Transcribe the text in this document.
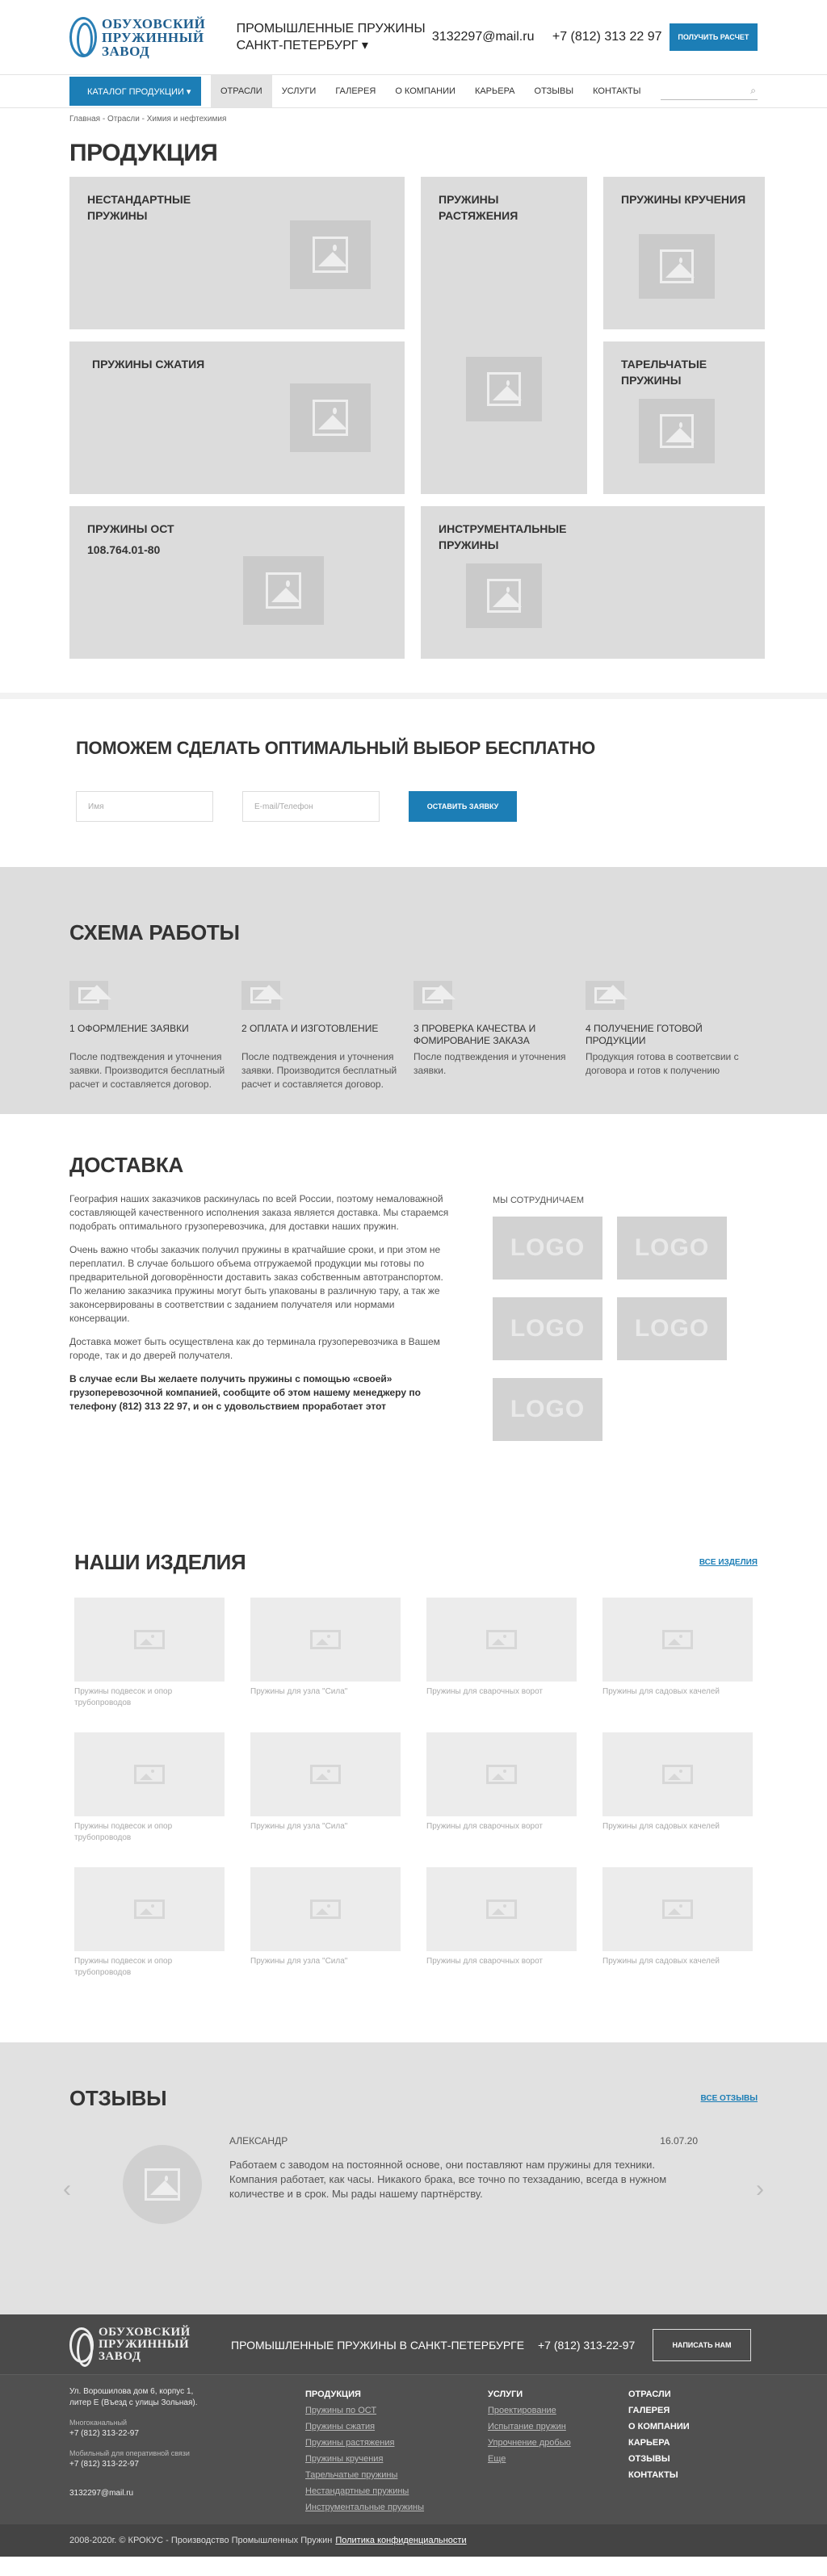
ОБУХОВСКИЙ
ПРУЖИННЫЙ
ЗАВОД
ПРОМЫШЛЕННЫЕ ПРУЖИНЫ
САНКТ-ПЕТЕРБУРГ ▾
3132297@mail.ru	+7 (812) 313 22 97	ПОЛУЧИТЬ РАСЧЕТ
КАТАЛОГ ПРОДУКЦИИ ▾	ОТРАСЛИ	УСЛУГИ	ГАЛЕРЕЯ	О КОМПАНИИ	КАРЬЕРА	ОТЗЫВЫ	КОНТАКТЫ	⌕
Главная - Отрасли - Химия и нефтехимия
ПРОДУКЦИЯ
НЕСТАНДАРТНЫЕ ПРУЖИНЫ
ПРУЖИНЫ РАСТЯЖЕНИЯ
ПРУЖИНЫ КРУЧЕНИЯ
ПРУЖИНЫ СЖАТИЯ	ТАРЕЛЬЧАТЫЕ ПРУЖИНЫ
ПРУЖИНЫ ОСТ
108.764.01-80
ИНСТРУМЕНТАЛЬНЫЕ ПРУЖИНЫ
ПОМОЖЕМ СДЕЛАТЬ ОПТИМАЛЬНЫЙ ВЫБОР БЕСПЛАТНО
Имя	E-mail/Телефон	ОСТАВИТЬ ЗАЯВКУ
СХЕМА РАБОТЫ
1 ОФОРМЛЕНИЕ ЗАЯВКИ
После подтвеждения и уточнения заявки. Производится бесплатный расчет и составляется договор.
2 ОПЛАТА И ИЗГОТОВЛЕНИЕ
После подтвеждения и уточнения заявки. Производится бесплатный расчет и составляется договор.
3 ПРОВЕРКА КАЧЕСТВА И ФОМИРОВАНИЕ ЗАКАЗА
После подтвеждения и уточнения заявки.
4 ПОЛУЧЕНИЕ ГОТОВОЙ ПРОДУКЦИИ
Продукция готова в соответсвии с договора и готов к получению
ДОСТАВКА

География наших заказчиков раскинулась по всей России, поэтому немаловажной составляющей качественного исполнения заказа является доставка. Мы стараемся подобрать оптимального грузоперевозчика, для доставки наших пружин.

Очень важно чтобы заказчик получил пружины в кратчайшие сроки, и при этом не переплатил. В случае большого объема отгружаемой продукции мы готовы по предварительной договорённости доставить заказ собственным автотранспортом. По желанию заказчика пружины могут быть упакованы в различную тару, а так же законсервированы в соответствии с заданием получателя или нормами консервации.

Доставка может быть осуществлена как до терминала грузоперевозчика в Вашем городе, так и до дверей получателя.

В случае если Вы желаете получить пружины с помощью «своей» грузоперевозочной компанией, сообщите об этом нашему менеджеру по телефону (812) 313 22 97, и он с удовольствием проработает этот

МЫ СОТРУДНИЧАЕМ
LOGO	LOGO
LOGO	LOGO
LOGO
НАШИ ИЗДЕЛИЯ	ВСЕ ИЗДЕЛИЯ
Пружины подвесок и опор трубопроводов
Пружины для узла "Сила"	Пружины для сварочных ворот	Пружины для садовых качелей
Пружины подвесок и опор трубопроводов
Пружины для узла "Сила"	Пружины для сварочных ворот	Пружины для садовых качелей
Пружины подвесок и опор трубопроводов
Пружины для узла "Сила"	Пружины для сварочных ворот	Пружины для садовых качелей
ОТЗЫВЫ	ВСЕ ОТЗЫВЫ
‹
АЛЕКСАНДР	16.07.20
Работаем с заводом на постоянной основе, они поставляют нам пружины для техники. Компания работает, как часы. Никакого брака, все точно по техзаданию, всегда в нужном количестве и в срок. Мы рады нашему партнёрству.	›
ОБУХОВСКИЙ
ПРУЖИННЫЙ
ЗАВОД
ПРОМЫШЛЕННЫЕ ПРУЖИНЫ В САНКТ-ПЕТЕРБУРГЕ	+7 (812) 313-22-97	НАПИСАТЬ НАМ
Ул. Ворошилова дом 6, корпус 1, литер Е (Въезд с улицы Зольная).
Многоканальный
+7 (812) 313-22-97
Мобильный для оперативной связи
+7 (812) 313-22-97
3132297@mail.ru
ПРОДУКЦИЯ
Пружины по ОСТ
Пружины сжатия
Пружины растяжения
Пружины кручения
Тарельчатые пружины
Нестандартные пружины
Инструментальные пружины
УСЛУГИ
Проектирование
Испытание пружин
Упрочнение дробью
Еще
ОТРАСЛИ
ГАЛЕРЕЯ
О КОМПАНИИ
КАРЬЕРА
ОТЗЫВЫ
КОНТАКТЫ
2008-2020г. © КРОКУС - Производство Промышленных Пружин Политика конфиденциальности
